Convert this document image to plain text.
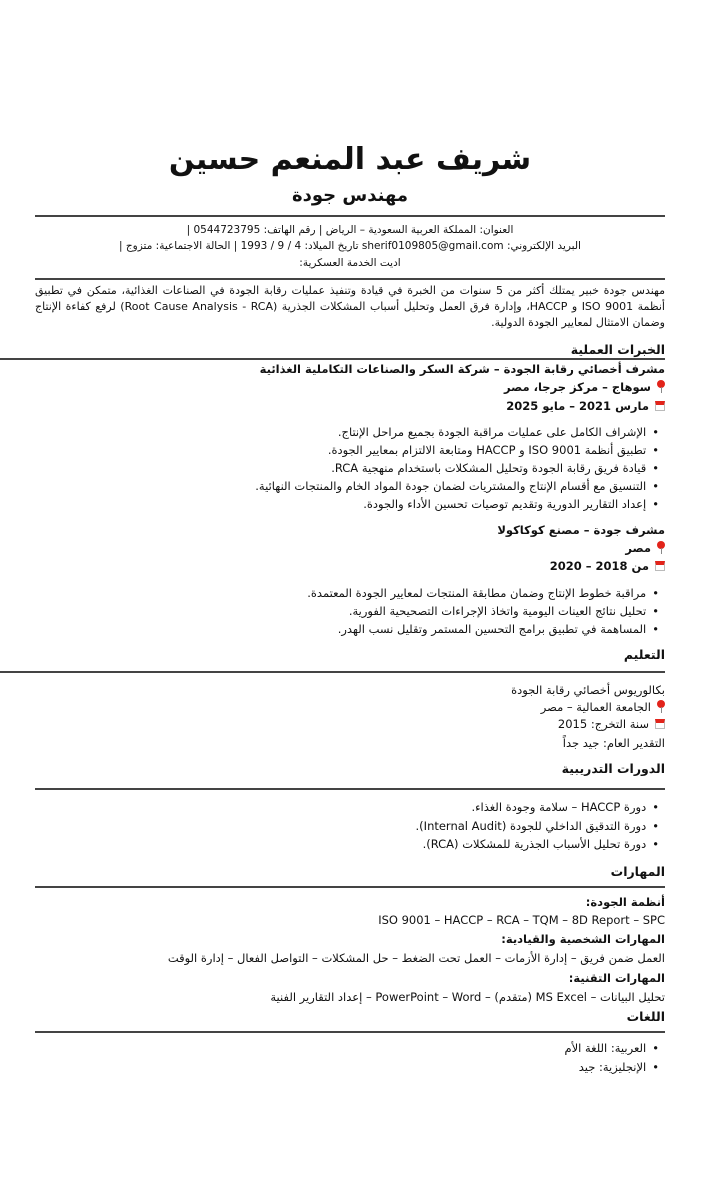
شريف عبد المنعم حسين
مهندس جودة
العنوان: المملكة العربية السعودية – الرياض | رقم الهاتف: 0544723795 |
البريد الإلكتروني: sherif0109805@gmail.com تاريخ الميلاد: 4 / 9 / 1993 | الحالة الاجتماعية: متزوج |
اديت الخدمة العسكرية:
مهندس جودة خبير يمتلك أكثر من 5 سنوات من الخبرة في قيادة وتنفيذ عمليات رقابة الجودة في الصناعات الغذائية، متمكن في تطبيق أنظمة ISO 9001 و HACCP، وإدارة فرق العمل وتحليل أسباب المشكلات الجذرية (Root Cause Analysis - RCA) لرفع كفاءة الإنتاج وضمان الامتثال لمعايير الجودة الدولية.
الخبرات العملية
مشرف أخصائي رقابة الجودة – شركة السكر والصناعات التكاملية الغذائية
سوهاج – مركز جرجا، مصر
مارس 2021 – مايو 2025
• الإشراف الكامل على عمليات مراقبة الجودة بجميع مراحل الإنتاج.
• تطبيق أنظمة ISO 9001 و HACCP ومتابعة الالتزام بمعايير الجودة.
• قيادة فريق رقابة الجودة وتحليل المشكلات باستخدام منهجية RCA.
• التنسيق مع أقسام الإنتاج والمشتريات لضمان جودة المواد الخام والمنتجات النهائية.
• إعداد التقارير الدورية وتقديم توصيات تحسين الأداء والجودة.
مشرف جودة – مصنع كوكاكولا
مصر
من 2018 – 2020
• مراقبة خطوط الإنتاج وضمان مطابقة المنتجات لمعايير الجودة المعتمدة.
• تحليل نتائج العينات اليومية واتخاذ الإجراءات التصحيحية الفورية.
• المساهمة في تطبيق برامج التحسين المستمر وتقليل نسب الهدر.
التعليم
بكالوريوس أخصائي رقابة الجودة
الجامعة العمالية – مصر
سنة التخرج: 2015
التقدير العام: جيد جداً
الدورات التدريبية
• دورة HACCP – سلامة وجودة الغذاء.
• دورة التدقيق الداخلي للجودة (Internal Audit).
• دورة تحليل الأسباب الجذرية للمشكلات (RCA).
المهارات
أنظمة الجودة:
ISO 9001 – HACCP – RCA – TQM – 8D Report – SPC
المهارات الشخصية والقيادية:
العمل ضمن فريق – إدارة الأزمات – العمل تحت الضغط – حل المشكلات – التواصل الفعال – إدارة الوقت
المهارات التقنية:
تحليل البيانات – MS Excel (متقدم) – PowerPoint – Word – إعداد التقارير الفنية
اللغات
• العربية: اللغة الأم
• الإنجليزية: جيد
